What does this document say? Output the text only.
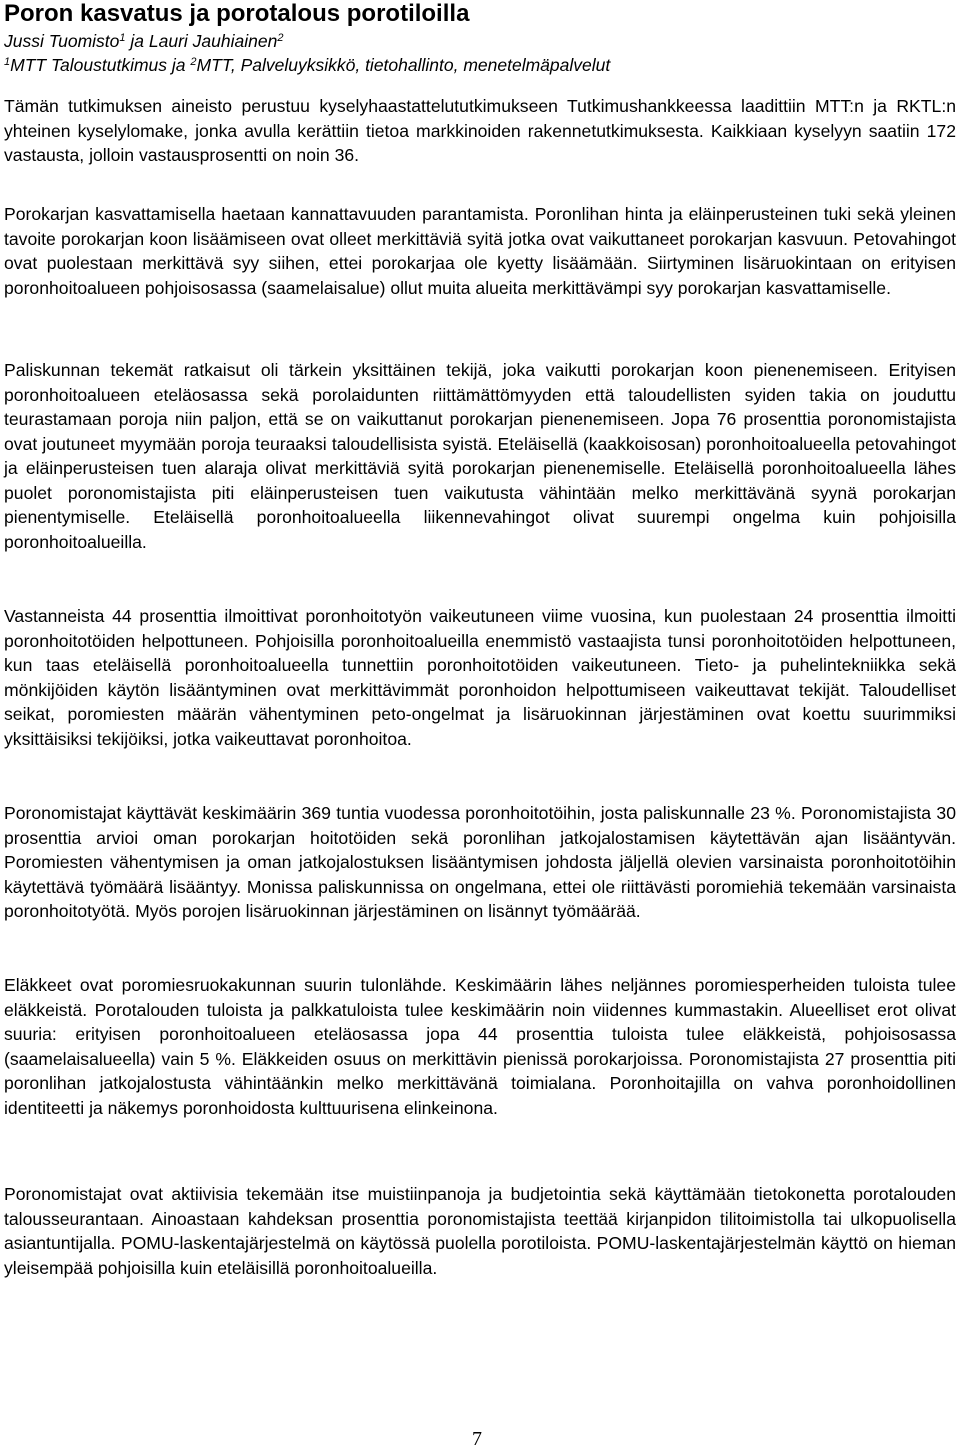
Poron kasvatus ja porotalous porotiloilla
Jussi Tuomisto$^1$ ja Lauri Jauhiainen$^2$
$^1$MTT Taloustutkimus ja $^2$MTT, Palveluyksikkö, tietohallinto, menetelmäpalvelut

Tämän tutkimuksen aineisto perustuu kyselyhaastattelututkimukseen Tutkimushankkeessa laadittiin MTT:n ja RKTL:n yhteinen kyselylomake, jonka avulla kerättiin tietoa markkinoiden rakennetutkimuksesta. Kaikkiaan kyselyyn saatiin 172 vastausta, jolloin vastausprosentti on noin 36.

Porokarjan kasvattamisella haetaan kannattavuuden parantamista. Poronlihan hinta ja eläinperusteinen tuki sekä yleinen tavoite porokarjan koon lisäämiseen ovat olleet merkittäviä syitä jotka ovat vaikuttaneet porokarjan kasvuun. Petovahingot ovat puolestaan merkittävä syy siihen, ettei porokarjaa ole kyetty lisäämään. Siirtyminen lisäruokintaan on erityisen poronhoitoalueen pohjoisosassa (saamelaisalue) ollut muita alueita merkittävämpi syy porokarjan kasvattamiselle.

Paliskunnan tekemät ratkaisut oli tärkein yksittäinen tekijä, joka vaikutti porokarjan koon pienenemiseen. Erityisen poronhoitoalueen eteläosassa sekä porolaidunten riittämättömyyden että taloudellisten syiden takia on jouduttu teurastamaan poroja niin paljon, että se on vaikuttanut porokarjan pienenemiseen. Jopa 76 prosenttia poronomistajista ovat joutuneet myymään poroja teuraaksi taloudellisista syistä. Eteläisellä (kaakkoisosan) poronhoitoalueella petovahingot ja eläinperusteisen tuen alaraja olivat merkittäviä syitä porokarjan pienenemiselle. Eteläisellä poronhoitoalueella lähes puolet poronomistajista piti eläinperusteisen tuen vaikutusta vähintään melko merkittävänä syynä porokarjan pienentymiselle. Eteläisellä poronhoitoalueella liikennevahingot olivat suurempi ongelma kuin pohjoisilla poronhoitoalueilla.

Vastanneista 44 prosenttia ilmoittivat poronhoitotyön vaikeutuneen viime vuosina, kun puolestaan 24 prosenttia ilmoitti poronhoitotöiden helpottuneen. Pohjoisilla poronhoitoalueilla enemmistö vastaajista tunsi poronhoitotöiden helpottuneen, kun taas eteläisellä poronhoitoalueella tunnettiin poronhoitotöiden vaikeutuneen. Tieto- ja puhelintekniikka sekä mönkijöiden käytön lisääntyminen ovat merkittävimmät poronhoidon helpottumiseen vaikeuttavat tekijät. Taloudelliset seikat, poromiesten määrän vähentyminen peto-ongelmat ja lisäruokinnan järjestäminen ovat koettu suurimmiksi yksittäisiksi tekijöiksi, jotka vaikeuttavat poronhoitoa.

Poronomistajat käyttävät keskimäärin 369 tuntia vuodessa poronhoitotöihin, josta paliskunnalle 23 %. Poronomistajista 30 prosenttia arvioi oman porokarjan hoitotöiden sekä poronlihan jatkojalostamisen käytettävän ajan lisääntyvän. Poromiesten vähentymisen ja oman jatkojalostuksen lisääntymisen johdosta jäljellä olevien varsinaista poronhoitotöihin käytettävä työmäärä lisääntyy. Monissa paliskunnissa on ongelmana, ettei ole riittävästi poromiehiä tekemään varsinaista poronhoitotyötä. Myös porojen lisäruokinnan järjestäminen on lisännyt työmäärää.

Eläkkeet ovat poromiesruokakunnan suurin tulonlähde. Keskimäärin lähes neljännes poromiesperheiden tuloista tulee eläkkeistä. Porotalouden tuloista ja palkkatuloista tulee keskimäärin noin viidennes kummastakin. Alueelliset erot olivat suuria: erityisen poronhoitoalueen eteläosassa jopa 44 prosenttia tuloista tulee eläkkeistä, pohjoisosassa (saamelaisalueella) vain 5 %. Eläkkeiden osuus on merkittävin pienissä porokarjoissa. Poronomistajista 27 prosenttia piti poronlihan jatkojalostusta vähintäänkin melko merkittävänä toimialana. Poronhoitajilla on vahva poronhoidollinen identiteetti ja näkemys poronhoidosta kulttuurisena elinkeinona.

Poronomistajat ovat aktiivisia tekemään itse muistiinpanoja ja budjetointia sekä käyttämään tietokonetta porotalouden talousseurantaan. Ainoastaan kahdeksan prosenttia poronomistajista teettää kirjanpidon tilitoimistolla tai ulkopuolisella asiantuntijalla. POMU-laskentajärjestelmä on käytössä puolella porotiloista. POMU-laskentajärjestelmän käyttö on hieman yleisempää pohjoisilla kuin eteläisillä poronhoitoalueilla.

7
